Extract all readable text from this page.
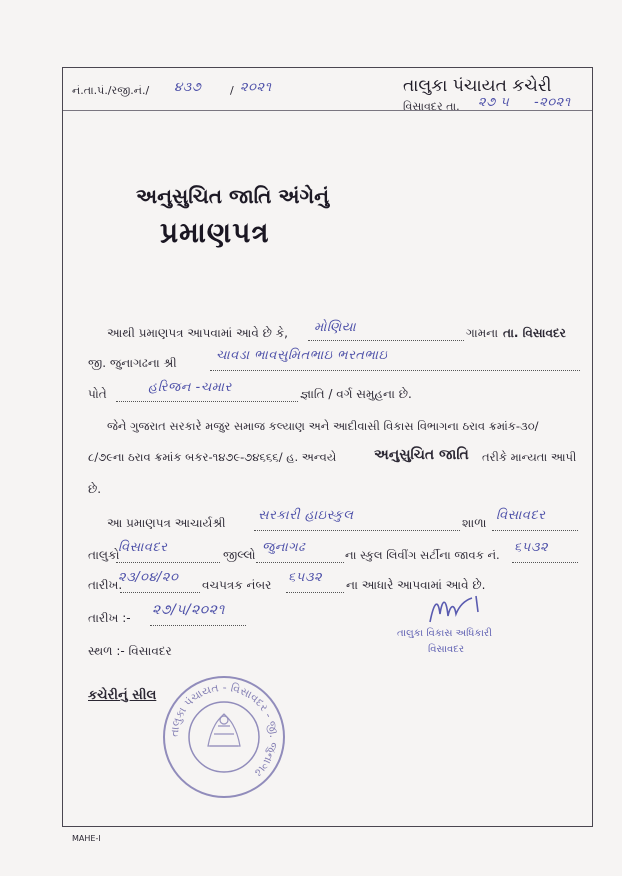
નં.તા.પં./રજી.નં./ ૪૩૭	/ ૨૦૨૧	તાલુકા પંચાયત કચેરી
વિસાવદર તા. ૨૭ ૫ -૨૦૨૧
અનુસુચિત જાતિ અંગેનું
પ્રમાણપત્ર
આથી પ્રમાણપત્ર આપવામાં આવે છે કે, મોણિયા	ગામના તા. વિસાવદર
જી. જુનાગઢના શ્રી	ચાવડા ભાવસુમિતભાઇ ભરતભાઇ
પોતે	હરિજન -ચમાર	જ્ઞાતિ / વર્ગ સમુહના છે.
જેને ગુજરાત સરકારે મજુર સમાજ કલ્યાણ અને આદીવાસી વિકાસ વિભાગના ઠરાવ ક્રમાંક-૩૦/
૮/૭૯ના ઠરાવ ક્રમાંક બકર-૧૪૭૯-૭૪૬૬૬/ હ. અન્વયે	અનુસુચિત જાતિ તરીકે માન્યતા આપી
છે.
આ પ્રમાણપત્ર આચાર્યશ્રી સરકારી હાઇસ્કુલ	શાળા વિસાવદર
તાલુકો
વિસાવદર	જીલ્લો જુનાગઢ	ના સ્કુલ લિવીંગ સર્ટીના જાવક નં. ૬૫૩૨
તારીખ.
૨૩/૦૪/૨૦ વચપત્રક નંબર ૬૫૩૨ ના આધારે આપવામાં આવે છે.
તારીખ :- ૨૭/૫/૨૦૨૧
સ્થળ :- વિસાવદર
તાલુકા વિકાસ અધિકારી
વિસાવદર
કચેરીનું સીલ
તાલુકા પંચાયત - વિસાવદર - જી. જુનાગઢ
MAHE-I
